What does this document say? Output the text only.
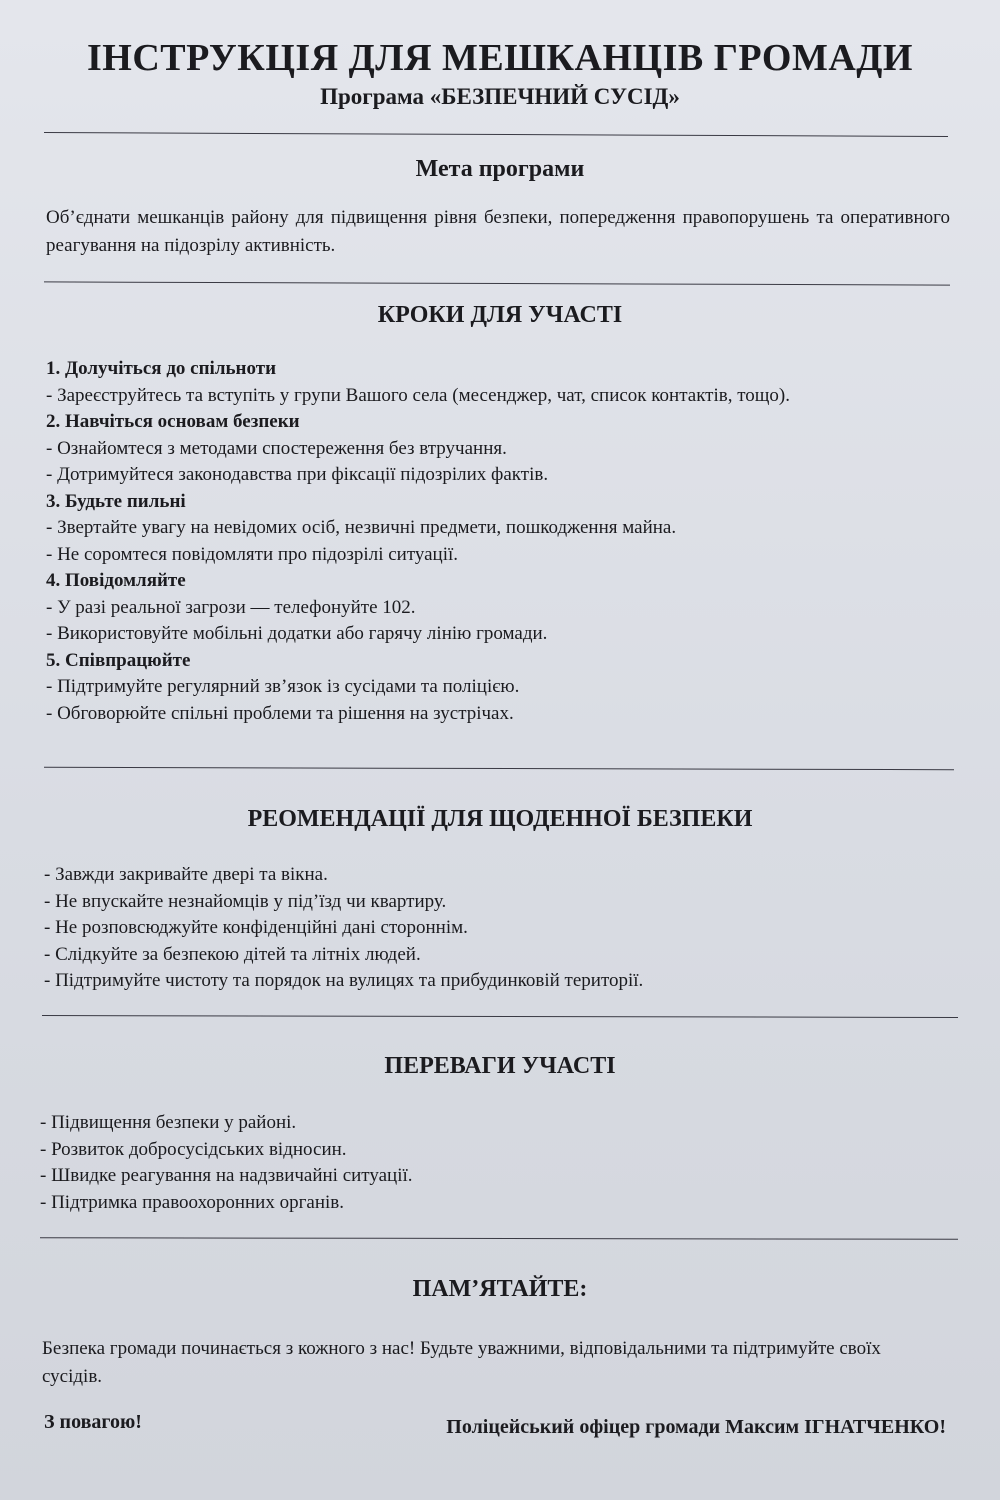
ІНСТРУКЦІЯ ДЛЯ МЕШКАНЦІВ ГРОМАДИ
Програма «БЕЗПЕЧНИЙ СУСІД»
Мета програми
Об’єднати мешканців району для підвищення рівня безпеки, попередження правопорушень та оперативного реагування на підозрілу активність.
КРОКИ ДЛЯ УЧАСТІ
1. Долучіться до спільноти
- Зареєструйтесь та вступіть у групи Вашого села (месенджер, чат, список контактів, тощо).
2. Навчіться основам безпеки
- Ознайомтеся з методами спостереження без втручання.
- Дотримуйтеся законодавства при фіксації підозрілих фактів.
3. Будьте пильні
- Звертайте увагу на невідомих осіб, незвичні предмети, пошкодження майна.
- Не соромтеся повідомляти про підозрілі ситуації.
4. Повідомляйте
- У разі реальної загрози — телефонуйте 102.
- Використовуйте мобільні додатки або гарячу лінію громади.
5. Співпрацюйте
- Підтримуйте регулярний зв’язок із сусідами та поліцією.
- Обговорюйте спільні проблеми та рішення на зустрічах.
РЕОМЕНДАЦІЇ ДЛЯ ЩОДЕННОЇ БЕЗПЕКИ
- Завжди закривайте двері та вікна.
- Не впускайте незнайомців у під’їзд чи квартиру.
- Не розповсюджуйте конфіденційні дані стороннім.
- Слідкуйте за безпекою дітей та літніх людей.
- Підтримуйте чистоту та порядок на вулицях та прибудинковій території.
ПЕРЕВАГИ УЧАСТІ
- Підвищення безпеки у районі.
- Розвиток добросусідських відносин.
- Швидке реагування на надзвичайні ситуації.
- Підтримка правоохоронних органів.
ПАМ’ЯТАЙТЕ:
Безпека громади починається з кожного з нас! Будьте уважними, відповідальними та підтримуйте своїх сусідів.
З повагою!	Поліцейський офіцер громади Максим ІГНАТЧЕНКО!
